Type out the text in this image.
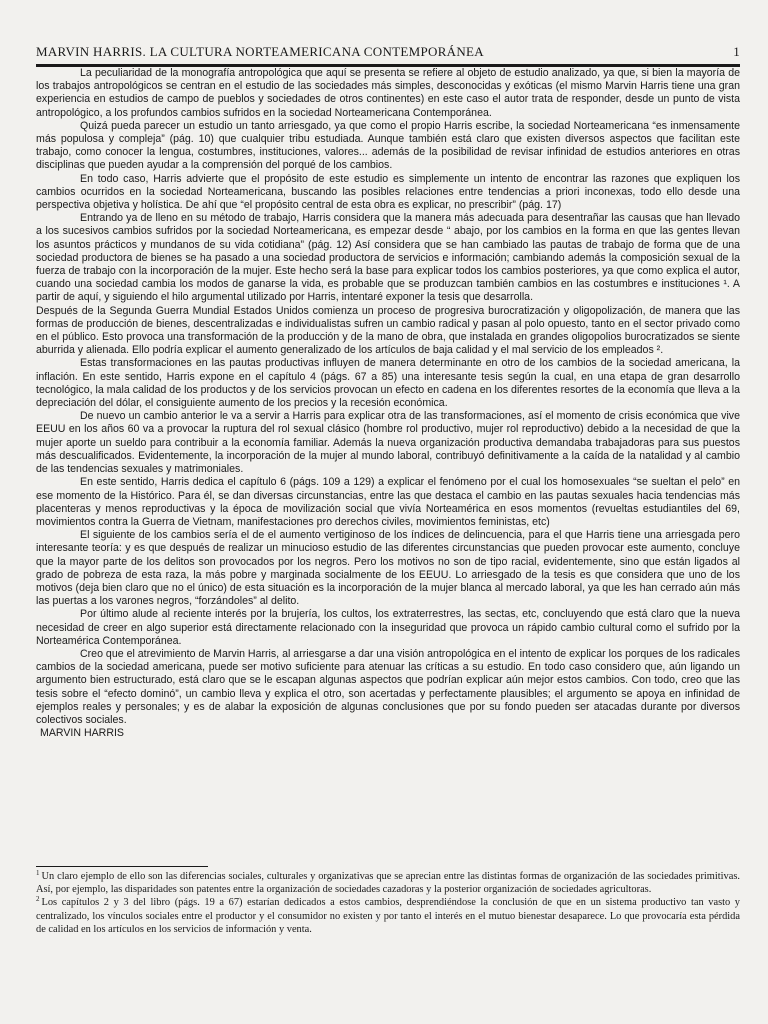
MARVIN HARRIS. LA CULTURA NORTEAMERICANA CONTEMPORÁNEA	1

La peculiaridad de la monografía antropológica que aquí se presenta se refiere al objeto de estudio analizado, ya que, si bien la mayoría de los trabajos antropológicos se centran en el estudio de las sociedades más simples, desconocidas y exóticas (el mismo Marvin Harris tiene una gran experiencia en estudios de campo de pueblos y sociedades de otros continentes) en este caso el autor trata de responder, desde un punto de vista antropológico, a los profundos cambios sufridos en la sociedad Norteamericana Contemporánea.

Quizá pueda parecer un estudio un tanto arriesgado, ya que como el propio Harris escribe, la sociedad Norteamericana “es inmensamente más populosa y compleja” (pág. 10) que cualquier tribu estudiada. Aunque también está claro que existen diversos aspectos que facilitan este trabajo, como conocer la lengua, costumbres, instituciones, valores... además de la posibilidad de revisar infinidad de estudios anteriores en otras disciplinas que pueden ayudar a la comprensión del porqué de los cambios.

En todo caso, Harris advierte que el propósito de este estudio es simplemente un intento de encontrar las razones que expliquen los cambios ocurridos en la sociedad Norteamericana, buscando las posibles relaciones entre tendencias a priori inconexas, todo ello desde una perspectiva objetiva y holística. De ahí que “el propósito central de esta obra es explicar, no prescribir” (pág. 17)

Entrando ya de lleno en su método de trabajo, Harris considera que la manera más adecuada para desentrañar las causas que han llevado a los sucesivos cambios sufridos por la sociedad Norteamericana, es empezar desde “ abajo, por los cambios en la forma en que las gentes llevan los asuntos prácticos y mundanos de su vida cotidiana” (pág. 12) Así considera que se han cambiado las pautas de trabajo de forma que de una sociedad productora de bienes se ha pasado a una sociedad productora de servicios e información; cambiando además la composición sexual de la fuerza de trabajo con la incorporación de la mujer. Este hecho será la base para explicar todos los cambios posteriores, ya que como explica el autor, cuando una sociedad cambia los modos de ganarse la vida, es probable que se produzcan también cambios en las costumbres e instituciones ¹. A partir de aquí, y siguiendo el hilo argumental utilizado por Harris, intentaré exponer la tesis que desarrolla.

Después de la Segunda Guerra Mundial Estados Unidos comienza un proceso de progresiva burocratización y oligopolización, de manera que las formas de producción de bienes, descentralizadas e individualistas sufren un cambio radical y pasan al polo opuesto, tanto en el sector privado como en el público. Esto provoca una transformación de la producción y de la mano de obra, que instalada en grandes oligopolios burocratizados se siente aburrida y alienada. Ello podría explicar el aumento generalizado de los artículos de baja calidad y el mal servicio de los empleados ².

Estas transformaciones en las pautas productivas influyen de manera determinante en otro de los cambios de la sociedad americana, la inflación. En este sentido, Harris expone en el capítulo 4 (págs. 67 a 85) una interesante tesis según la cual, en una etapa de gran desarrollo tecnológico, la mala calidad de los productos y de los servicios provocan un efecto en cadena en los diferentes resortes de la economía que lleva a la depreciación del dólar, el consiguiente aumento de los precios y la recesión económica.

De nuevo un cambio anterior le va a servir a Harris para explicar otra de las transformaciones, así el momento de crisis económica que vive EEUU en los años 60 va a provocar la ruptura del rol sexual clásico (hombre rol productivo, mujer rol reproductivo) debido a la necesidad de que la mujer aporte un sueldo para contribuir a la economía familiar. Además la nueva organización productiva demandaba trabajadoras para sus puestos más descualificados. Evidentemente, la incorporación de la mujer al mundo laboral, contribuyó definitivamente a la caída de la natalidad y al cambio de las tendencias sexuales y matrimoniales.

En este sentido, Harris dedica el capítulo 6 (págs. 109 a 129) a explicar el fenómeno por el cual los homosexuales “se sueltan el pelo” en ese momento de la Histórico. Para él, se dan diversas circunstancias, entre las que destaca el cambio en las pautas sexuales hacia tendencias más placenteras y menos reproductivas y la época de movilización social que vivía Norteamérica en esos momentos (revueltas estudiantiles del 69, movimientos contra la Guerra de Vietnam, manifestaciones pro derechos civiles, movimientos feministas, etc)

El siguiente de los cambios sería el de el aumento vertiginoso de los índices de delincuencia, para el que Harris tiene una arriesgada pero interesante teoría: y es que después de realizar un minucioso estudio de las diferentes circunstancias que pueden provocar este aumento, concluye que la mayor parte de los delitos son provocados por los negros. Pero los motivos no son de tipo racial, evidentemente, sino que están ligados al grado de pobreza de esta raza, la más pobre y marginada socialmente de los EEUU. Lo arriesgado de la tesis es que considera que uno de los motivos (deja bien claro que no el único) de esta situación es la incorporación de la mujer blanca al mercado laboral, ya que les han cerrado aún más las puertas a los varones negros, “forzándoles” al delito.

Por último alude al reciente interés por la brujería, los cultos, los extraterrestres, las sectas, etc, concluyendo que está claro que la nueva necesidad de creer en algo superior está directamente relacionado con la inseguridad que provoca un rápido cambio cultural como el sufrido por la Norteamérica Contemporánea.

Creo que el atrevimiento de Marvin Harris, al arriesgarse a dar una visión antropológica en el intento de explicar los porques de los radicales cambios de la sociedad americana, puede ser motivo suficiente para atenuar las críticas a su estudio. En todo caso considero que, aún ligando un argumento bien estructurado, está claro que se le escapan algunas aspectos que podrían explicar aún mejor estos cambios. Con todo, creo que las tesis sobre el “efecto dominó”, un cambio lleva y explica el otro, son acertadas y perfectamente plausibles; el argumento se apoya en infinidad de ejemplos reales y personales; y es de alabar la exposición de algunas conclusiones que por su fondo pueden ser atacadas durante por diversos colectivos sociales.

MARVIN HARRIS

$^1$ Un claro ejemplo de ello son las diferencias sociales, culturales y organizativas que se aprecian entre las distintas formas de organización de las sociedades primitivas. Así, por ejemplo, las disparidades son patentes entre la organización de sociedades cazadoras y la posterior organización de sociedades agricultoras.

$^2$ Los capítulos 2 y 3 del libro (págs. 19 a 67) estarían dedicados a estos cambios, desprendiéndose la conclusión de que en un sistema productivo tan vasto y centralizado, los vínculos sociales entre el productor y el consumidor no existen y por tanto el interés en el mutuo bienestar desaparece. Lo que provocaría esta pérdida de calidad en los artículos en los servicios de información y venta.
